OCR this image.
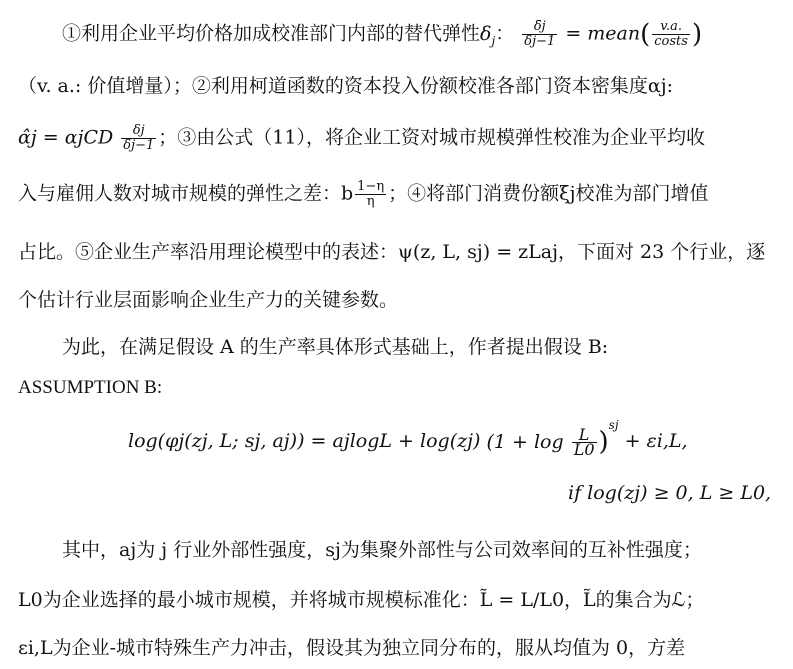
①利用企业平均价格加成校准部门内部的替代弹性$\delta_j$： $\frac{\deltāj}{\delta j-1}$ = mean( $\frac{v.a.}{\text{costs}}$ )
（v. a.: 价值增量）；②利用柯道函数的资本投入份额校准各部门资本密集度αj:
α̂j = αjCD $\frac{\delta j}{\delta j-1}$ ；③由公式（11），将企业工资对城市规模弹性校准为企业平均收
入与雇佣人数对城市规模的弹性之差：b $\frac{1-\eta}{\eta}$ ；④将部门消费份额ξj校准为部门增值
占比。⑤企业生产率沿用理论模型中的表述：ψ(z, L, sj) = zLaj，下面对 23 个行业，逐
个估计行业层面影响企业生产力的关键参数。
为此，在满足假设 A 的生产率具体形式基础上，作者提出假设 B:
ASSUMPTION B:
log(φj(zj, L; sj, aj)) = ajlogL + log(zj) $(1 + \log \frac{L}{L0} )^{sj} + \varepsilon i,L$,
if log(zj) ≥ 0, L ≥ L0,
其中，aj为 j 行业外部性强度，sj为集聚外部性与公司效率间的互补性强度；
L0为企业选择的最小城市规模，并将城市规模标准化：L̃ = L/L0，L̃的集合为ℒ；
εi,L为企业-城市特殊生产力冲击，假设其为独立同分布的，服从均值为 0，方差
